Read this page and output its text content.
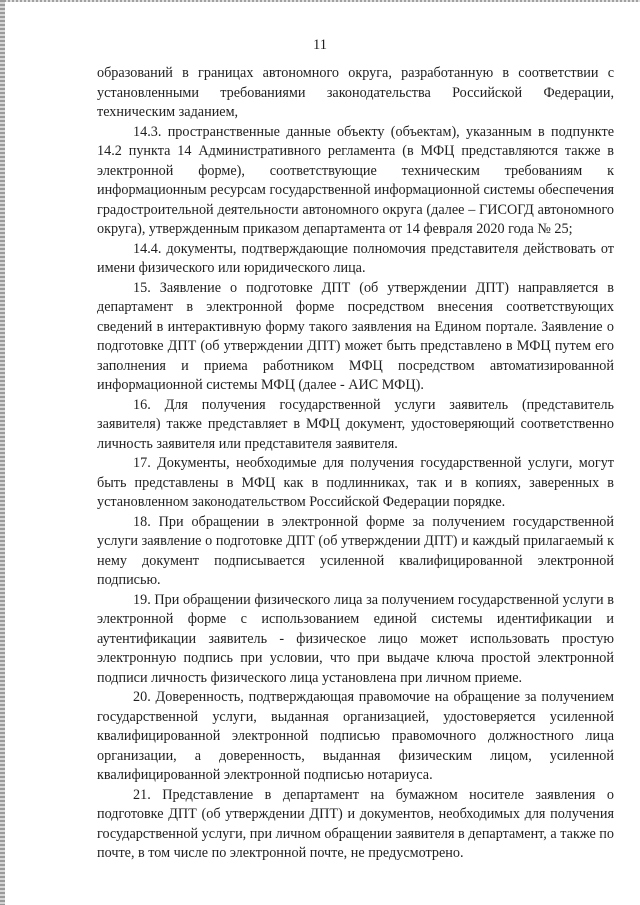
11

образований в границах автономного округа, разработанную в соответствии с установленными требованиями законодательства Российской Федерации, техническим заданием,

14.3. пространственные данные объекту (объектам), указанным в подпункте 14.2 пункта 14 Административного регламента (в МФЦ представляются также в электронной форме), соответствующие техническим требованиям к информационным ресурсам государственной информационной системы обеспечения градостроительной деятельности автономного округа (далее – ГИСОГД автономного округа), утвержденным приказом департамента от 14 февраля 2020 года № 25;

14.4. документы, подтверждающие полномочия представителя действовать от имени физического или юридического лица.

15. Заявление о подготовке ДПТ (об утверждении ДПТ) направляется в департамент в электронной форме посредством внесения соответствующих сведений в интерактивную форму такого заявления на Едином портале. Заявление о подготовке ДПТ (об утверждении ДПТ) может быть представлено в МФЦ путем его заполнения и приема работником МФЦ посредством автоматизированной информационной системы МФЦ (далее - АИС МФЦ).

16. Для получения государственной услуги заявитель (представитель заявителя) также представляет в МФЦ документ, удостоверяющий соответственно личность заявителя или представителя заявителя.

17. Документы, необходимые для получения государственной услуги, могут быть представлены в МФЦ как в подлинниках, так и в копиях, заверенных в установленном законодательством Российской Федерации порядке.

18. При обращении в электронной форме за получением государственной услуги заявление о подготовке ДПТ (об утверждении ДПТ) и каждый прилагаемый к нему документ подписывается усиленной квалифицированной электронной подписью.

19. При обращении физического лица за получением государственной услуги в электронной форме с использованием единой системы идентификации и аутентификации заявитель - физическое лицо может использовать простую электронную подпись при условии, что при выдаче ключа простой электронной подписи личность физического лица установлена при личном приеме.

20. Доверенность, подтверждающая правомочие на обращение за получением государственной услуги, выданная организацией, удостоверяется усиленной квалифицированной электронной подписью правомочного должностного лица организации, а доверенность, выданная физическим лицом, усиленной квалифицированной электронной подписью нотариуса.

21. Представление в департамент на бумажном носителе заявления о подготовке ДПТ (об утверждении ДПТ) и документов, необходимых для получения государственной услуги, при личном обращении заявителя в департамент, а также по почте, в том числе по электронной почте, не предусмотрено.
